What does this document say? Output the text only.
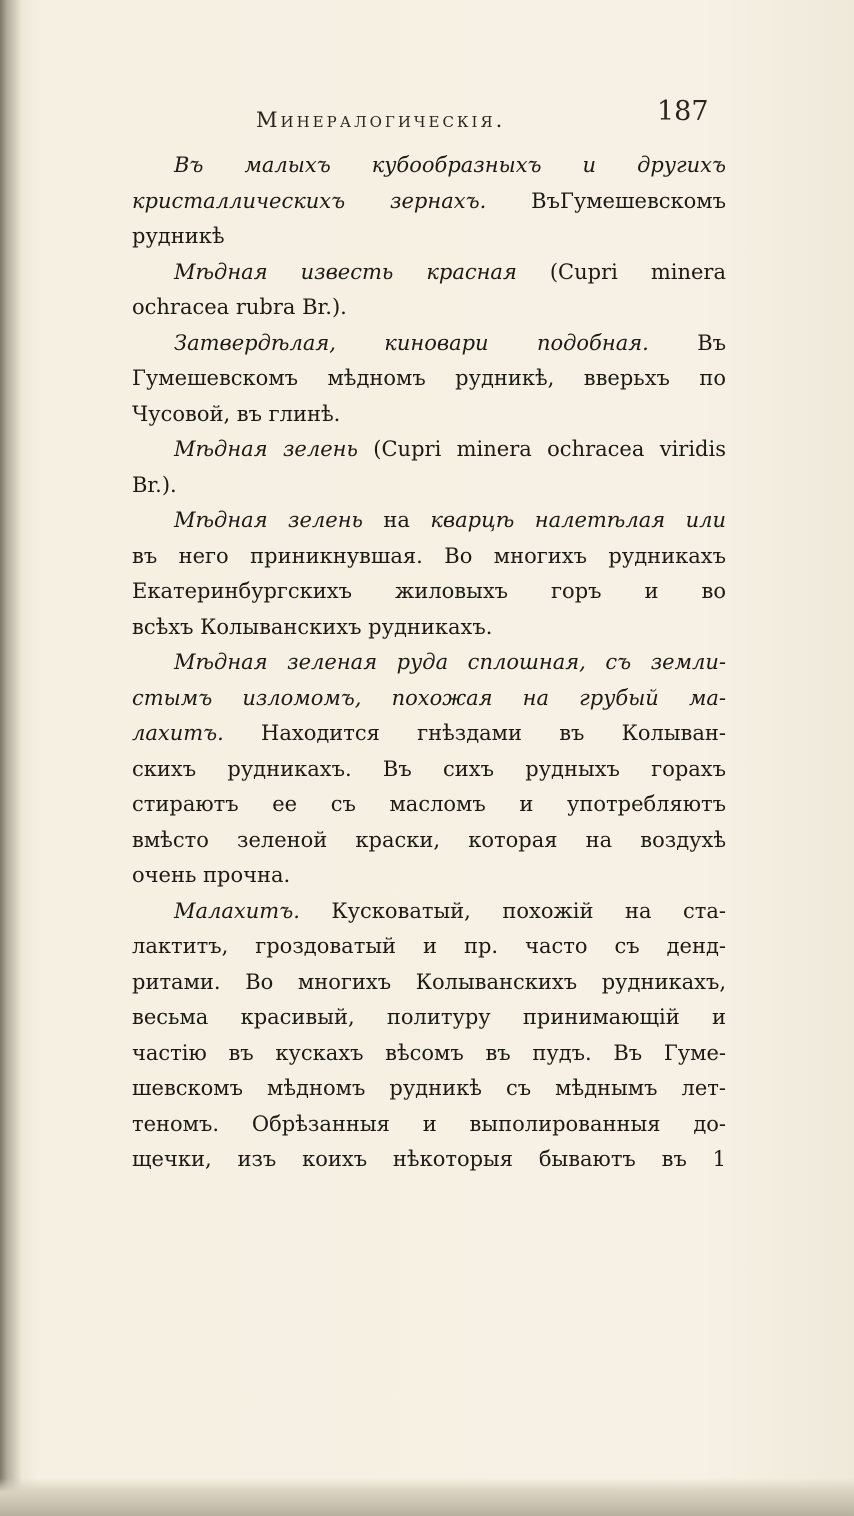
Минералогическія.	187
Въ малыхъ кубообразныхъ и другихъ
кристаллическихъ зернахъ. ВъГумешевскомъ
рудникѣ
Мѣдная известь красная (Cupri minera
ochracea rubra Br.).
Затвердѣлая, киновари подобная. Въ
Гумешевскомъ мѣдномъ рудникѣ, вверьхъ по
Чусовой, въ глинѣ.
Мѣдная зелень (Cupri minera ochracea viridis
Br.).
Мѣдная зелень на кварцѣ налетѣлая или
въ него приникнувшая. Во многихъ рудникахъ
Екатеринбургскихъ жиловыхъ горъ и во
всѣхъ Колыванскихъ рудникахъ.
Мѣдная зеленая руда сплошная, съ земли-
стымъ изломомъ, похожая на грубый ма-
лахитъ. Находится гнѣздами въ Колыван-
скихъ рудникахъ. Въ сихъ рудныхъ горахъ
стираютъ ее съ масломъ и употребляютъ
вмѣсто зеленой краски, которая на воздухѣ
очень прочна.
Малахитъ. Кусковатый, похожій на ста-
лактитъ, гроздоватый и пр. часто съ денд-
ритами. Во многихъ Колыванскихъ рудникахъ,
весьма красивый, политуру принимающій и
частію въ кускахъ вѣсомъ въ пудъ. Въ Гуме-
шевскомъ мѣдномъ рудникѣ съ мѣднымъ лет-
теномъ. Обрѣзанныя и выполированныя до-
щечки, изъ коихъ нѣкоторыя бываютъ въ 1
